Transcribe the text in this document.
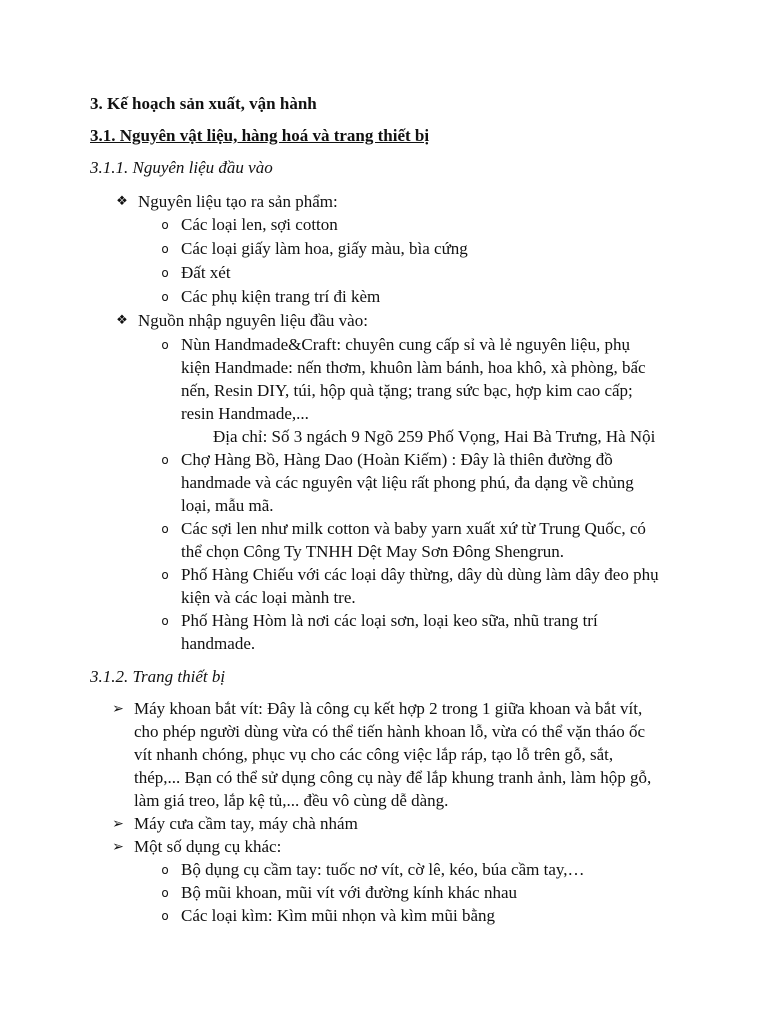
3. Kế hoạch sản xuất, vận hành
3.1. Nguyên vật liệu, hàng hoá và trang thiết bị
3.1.1. Nguyên liệu đầu vào
❖ Nguyên liệu tạo ra sản phẩm:
o Các loại len, sợi cotton
o Các loại giấy làm hoa, giấy màu, bìa cứng
o Đất xét
o Các phụ kiện trang trí đi kèm
❖ Nguồn nhập nguyên liệu đầu vào:
o Nùn Handmade&Craft: chuyên cung cấp sỉ và lẻ nguyên liệu, phụ
kiện Handmade: nến thơm, khuôn làm bánh, hoa khô, xà phòng, bấc
nến, Resin DIY, túi, hộp quà tặng; trang sức bạc, hợp kim cao cấp;
resin Handmade,...
Địa chỉ: Số 3 ngách 9 Ngõ 259 Phố Vọng, Hai Bà Trưng, Hà Nội
o Chợ Hàng Bồ, Hàng Dao (Hoàn Kiếm) : Đây là thiên đường đồ
handmade và các nguyên vật liệu rất phong phú, đa dạng về chủng
loại, mẫu mã.
o Các sợi len như milk cotton và baby yarn xuất xứ từ Trung Quốc, có
thể chọn Công Ty TNHH Dệt May Sơn Đông Shengrun.
o Phố Hàng Chiếu với các loại dây thừng, dây dù dùng làm dây đeo phụ
kiện và các loại mành tre.
o Phố Hàng Hòm là nơi các loại sơn, loại keo sữa, nhũ trang trí
handmade.
3.1.2. Trang thiết bị
➢ Máy khoan bắt vít: Đây là công cụ kết hợp 2 trong 1 giữa khoan và bắt vít,
cho phép người dùng vừa có thể tiến hành khoan lỗ, vừa có thể vặn tháo ốc
vít nhanh chóng, phục vụ cho các công việc lắp ráp, tạo lỗ trên gỗ, sắt,
thép,... Bạn có thể sử dụng công cụ này để lắp khung tranh ảnh, làm hộp gỗ,
làm giá treo, lắp kệ tủ,... đều vô cùng dễ dàng.
➢ Máy cưa cầm tay, máy chà nhám
➢ Một số dụng cụ khác:
o Bộ dụng cụ cầm tay: tuốc nơ vít, cờ lê, kéo, búa cầm tay,…
o Bộ mũi khoan, mũi vít với đường kính khác nhau
o Các loại kìm: Kìm mũi nhọn và kìm mũi bằng
